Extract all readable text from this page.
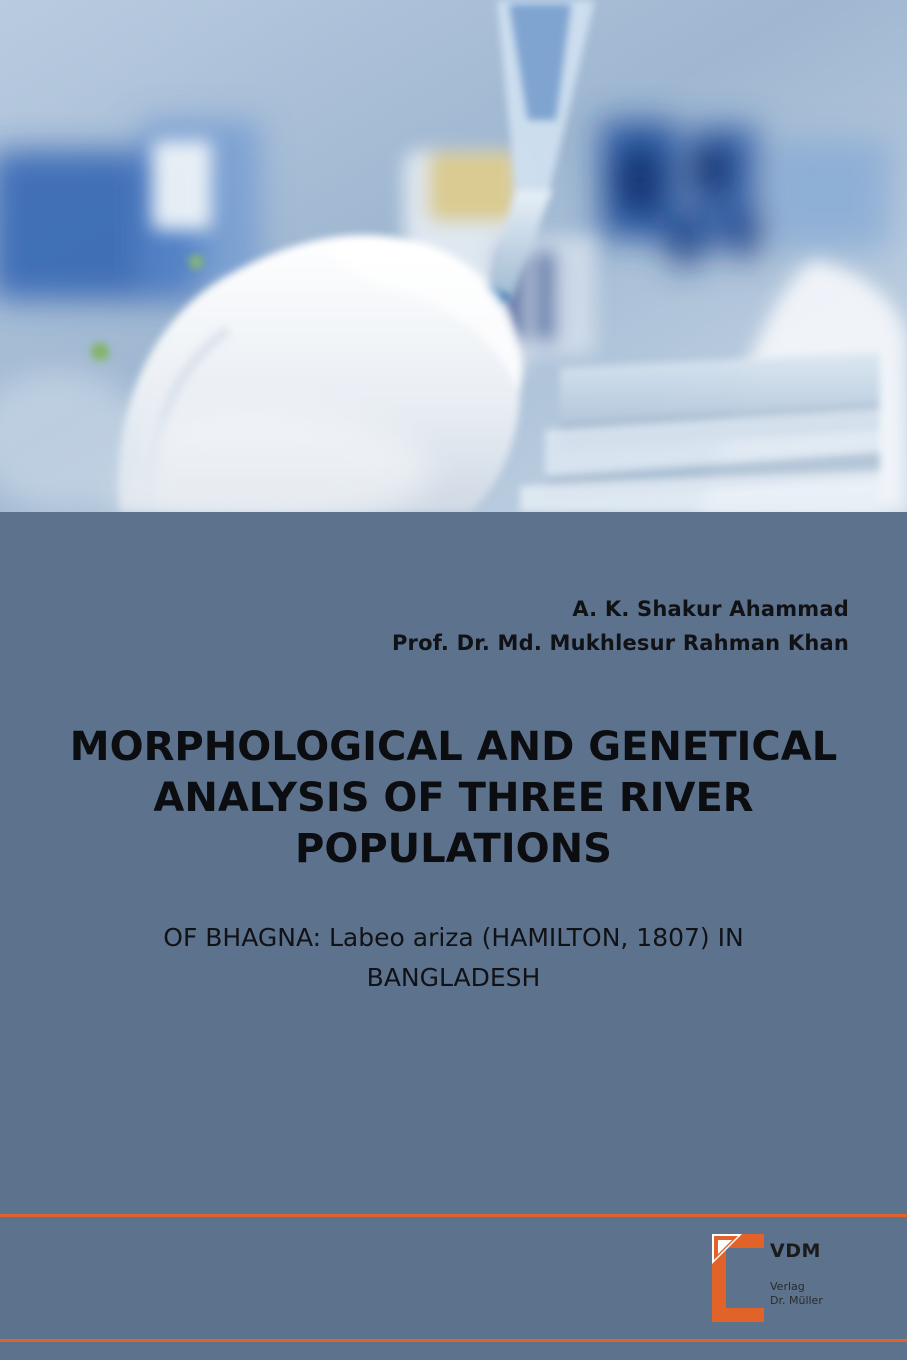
A. K. Shakur Ahammad
Prof. Dr. Md. Mukhlesur Rahman Khan
MORPHOLOGICAL AND GENETICAL ANALYSIS OF THREE RIVER POPULATIONS
OF BHAGNA: Labeo ariza (HAMILTON, 1807) IN BANGLADESH
VDM
Verlag
Dr. Müller
